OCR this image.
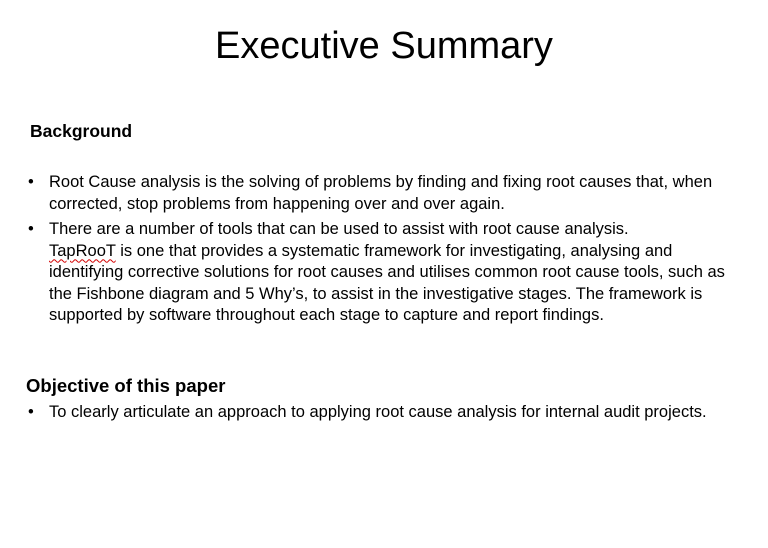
Executive Summary
Background
• Root Cause analysis is the solving of problems by finding and fixing root causes that, when corrected, stop problems from happening over and over again.
• There are a number of tools that can be used to assist with root cause analysis.
TapRooT is one that provides a systematic framework for investigating, analysing and identifying corrective solutions for root causes and utilises common root cause tools, such as the Fishbone diagram and 5 Why’s, to assist in the investigative stages. The framework is supported by software throughout each stage to capture and report findings.
Objective of this paper
• To clearly articulate an approach to applying root cause analysis for internal audit projects.
